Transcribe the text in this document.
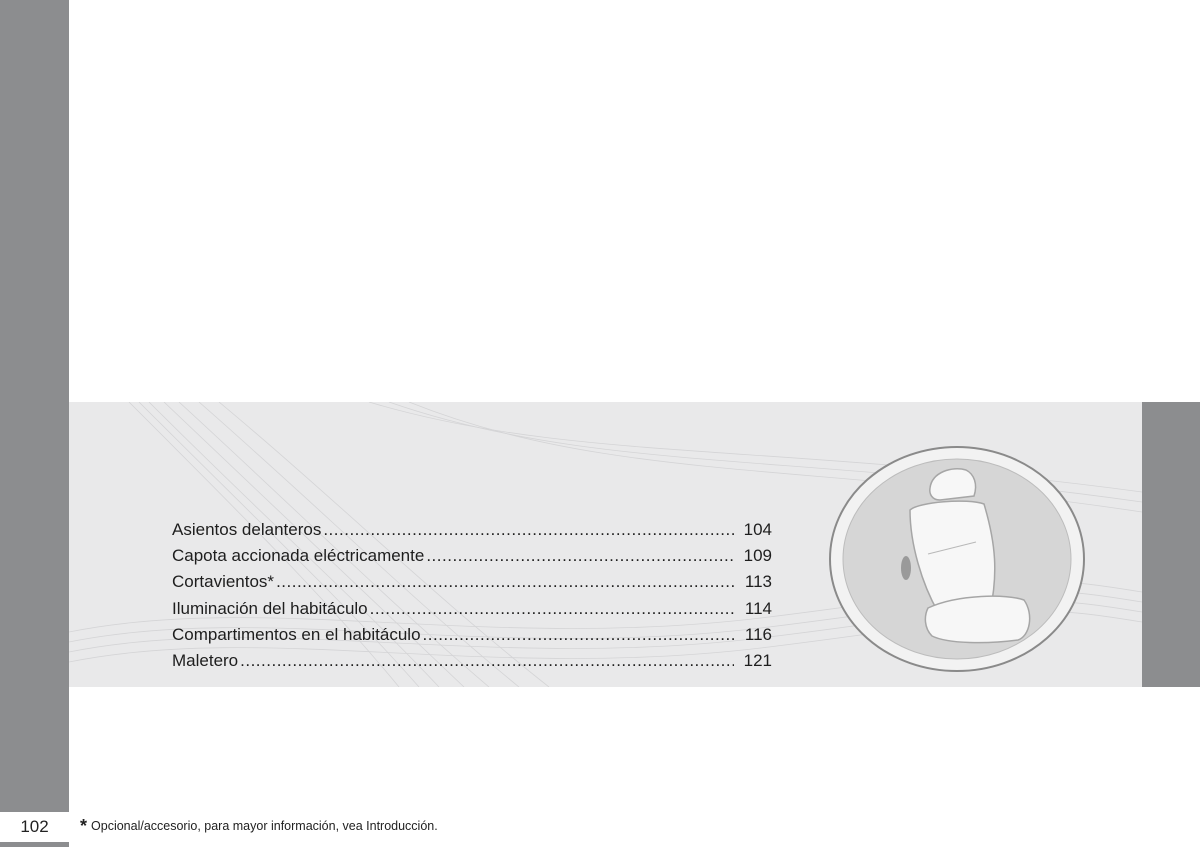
102
Asientos delanteros .....	104
Capota accionada eléctricamente .....	109
Cortavientos* .....	113
Iluminación del habitáculo .....	114
Compartimentos en el habitáculo .....	116
Maletero .....	121
* Opcional/accesorio, para mayor información, vea Introducción.
